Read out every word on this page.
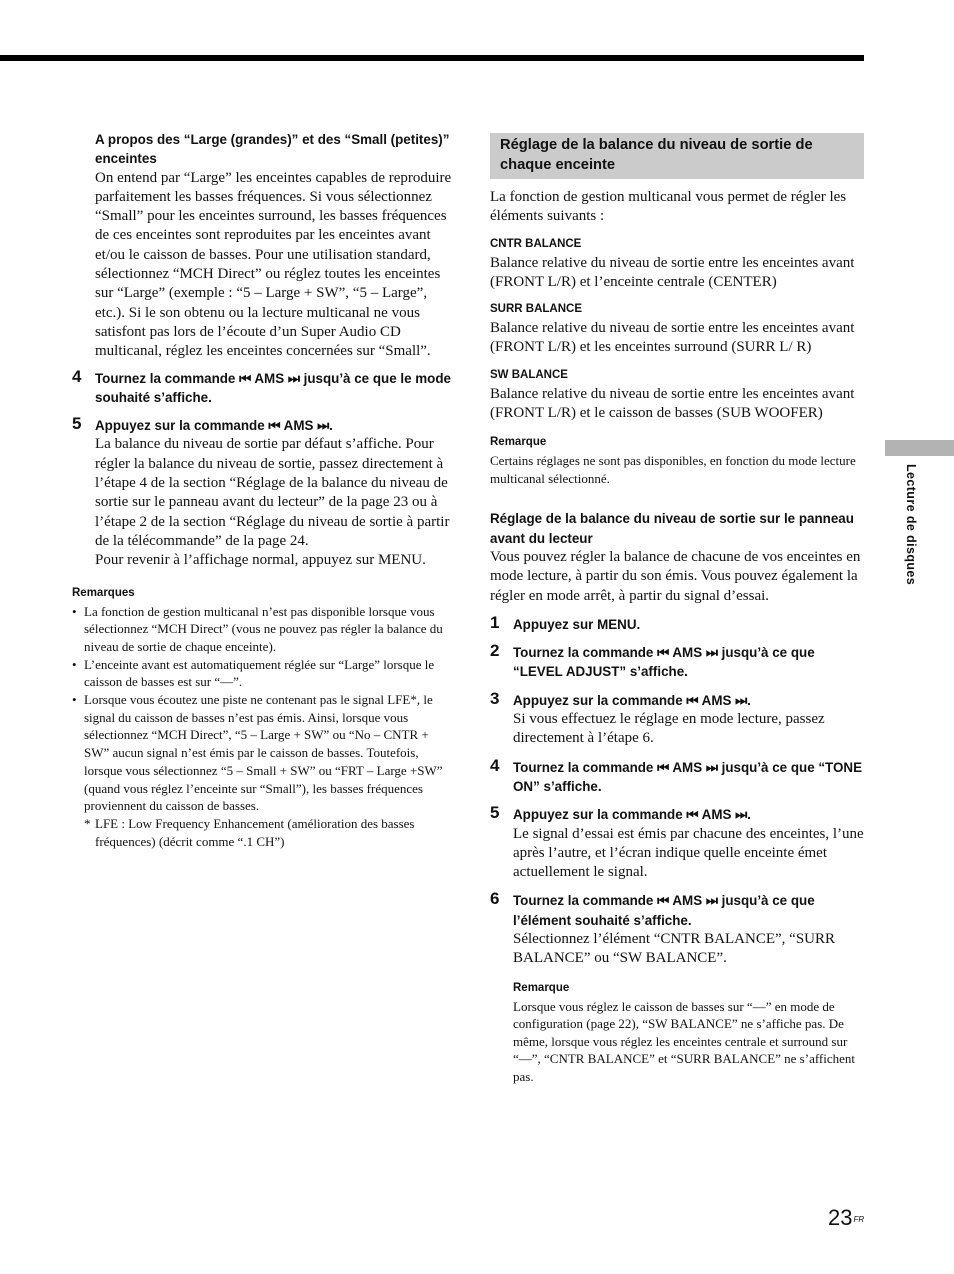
A propos des “Large (grandes)” et des “Small (petites)” enceintes

On entend par “Large” les enceintes capables de reproduire parfaitement les basses fréquences. Si vous sélectionnez “Small” pour les enceintes surround, les basses fréquences de ces enceintes sont reproduites par les enceintes avant et/ou le caisson de basses. Pour une utilisation standard, sélectionnez “MCH Direct” ou réglez toutes les enceintes sur “Large” (exemple : “5 – Large + SW”, “5 – Large”, etc.). Si le son obtenu ou la lecture multicanal ne vous satisfont pas lors de l’écoute d’un Super Audio CD multicanal, réglez les enceintes concernées sur “Small”.

4 Tournez la commande ⏮ AMS ⏭ jusqu’à ce que le mode souhaité s’affiche.

5 Appuyez sur la commande ⏮ AMS ⏭.

La balance du niveau de sortie par défaut s’affiche. Pour régler la balance du niveau de sortie, passez directement à l’étape 4 de la section “Réglage de la balance du niveau de sortie sur le panneau avant du lecteur” de la page 23 ou à l’étape 2 de la section “Réglage du niveau de sortie à partir de la télécommande” de la page 24.

Pour revenir à l’affichage normal, appuyez sur MENU.

Remarques

• La fonction de gestion multicanal n’est pas disponible lorsque vous sélectionnez “MCH Direct” (vous ne pouvez pas régler la balance du niveau de sortie de chaque enceinte).
• L’enceinte avant est automatiquement réglée sur “Large” lorsque le caisson de basses est sur “—”.
• Lorsque vous écoutez une piste ne contenant pas le signal LFE*, le signal du caisson de basses n’est pas émis. Ainsi, lorsque vous sélectionnez “MCH Direct”, “5 – Large + SW” ou “No – CNTR + SW” aucun signal n’est émis par le caisson de basses. Toutefois, lorsque vous sélectionnez “5 – Small + SW” ou “FRT – Large +SW” (quand vous réglez l’enceinte sur “Small”), les basses fréquences proviennent du caisson de basses.
* LFE : Low Frequency Enhancement (amélioration des basses fréquences) (décrit comme “.1 CH”)

Réglage de la balance du niveau de sortie de chaque enceinte

La fonction de gestion multicanal vous permet de régler les éléments suivants :

CNTR BALANCE

Balance relative du niveau de sortie entre les enceintes avant (FRONT L/R) et l’enceinte centrale (CENTER)

SURR BALANCE

Balance relative du niveau de sortie entre les enceintes avant (FRONT L/R) et les enceintes surround (SURR L/ R)

SW BALANCE

Balance relative du niveau de sortie entre les enceintes avant (FRONT L/R) et le caisson de basses (SUB WOOFER)

Remarque

Certains réglages ne sont pas disponibles, en fonction du mode lecture multicanal sélectionné.

Réglage de la balance du niveau de sortie sur le panneau avant du lecteur

Vous pouvez régler la balance de chacune de vos enceintes en mode lecture, à partir du son émis. Vous pouvez également la régler en mode arrêt, à partir du signal d’essai.

1 Appuyez sur MENU.

2 Tournez la commande ⏮ AMS ⏭ jusqu’à ce que “LEVEL ADJUST” s’affiche.

3 Appuyez sur la commande ⏮ AMS ⏭.

Si vous effectuez le réglage en mode lecture, passez directement à l’étape 6.

4 Tournez la commande ⏮ AMS ⏭ jusqu’à ce que “TONE ON” s’affiche.

5 Appuyez sur la commande ⏮ AMS ⏭.

Le signal d’essai est émis par chacune des enceintes, l’une après l’autre, et l’écran indique quelle enceinte émet actuellement le signal.

6 Tournez la commande ⏮ AMS ⏭ jusqu’à ce que l’élément souhaité s’affiche.

Sélectionnez l’élément “CNTR BALANCE”, “SURR BALANCE” ou “SW BALANCE”.

Remarque

Lorsque vous réglez le caisson de basses sur “—” en mode de configuration (page 22), “SW BALANCE” ne s’affiche pas. De même, lorsque vous réglez les enceintes centrale et surround sur “—”, “CNTR BALANCE” et “SURR BALANCE” ne s’affichent pas.

Lecture de disques
$23^{FR}$
